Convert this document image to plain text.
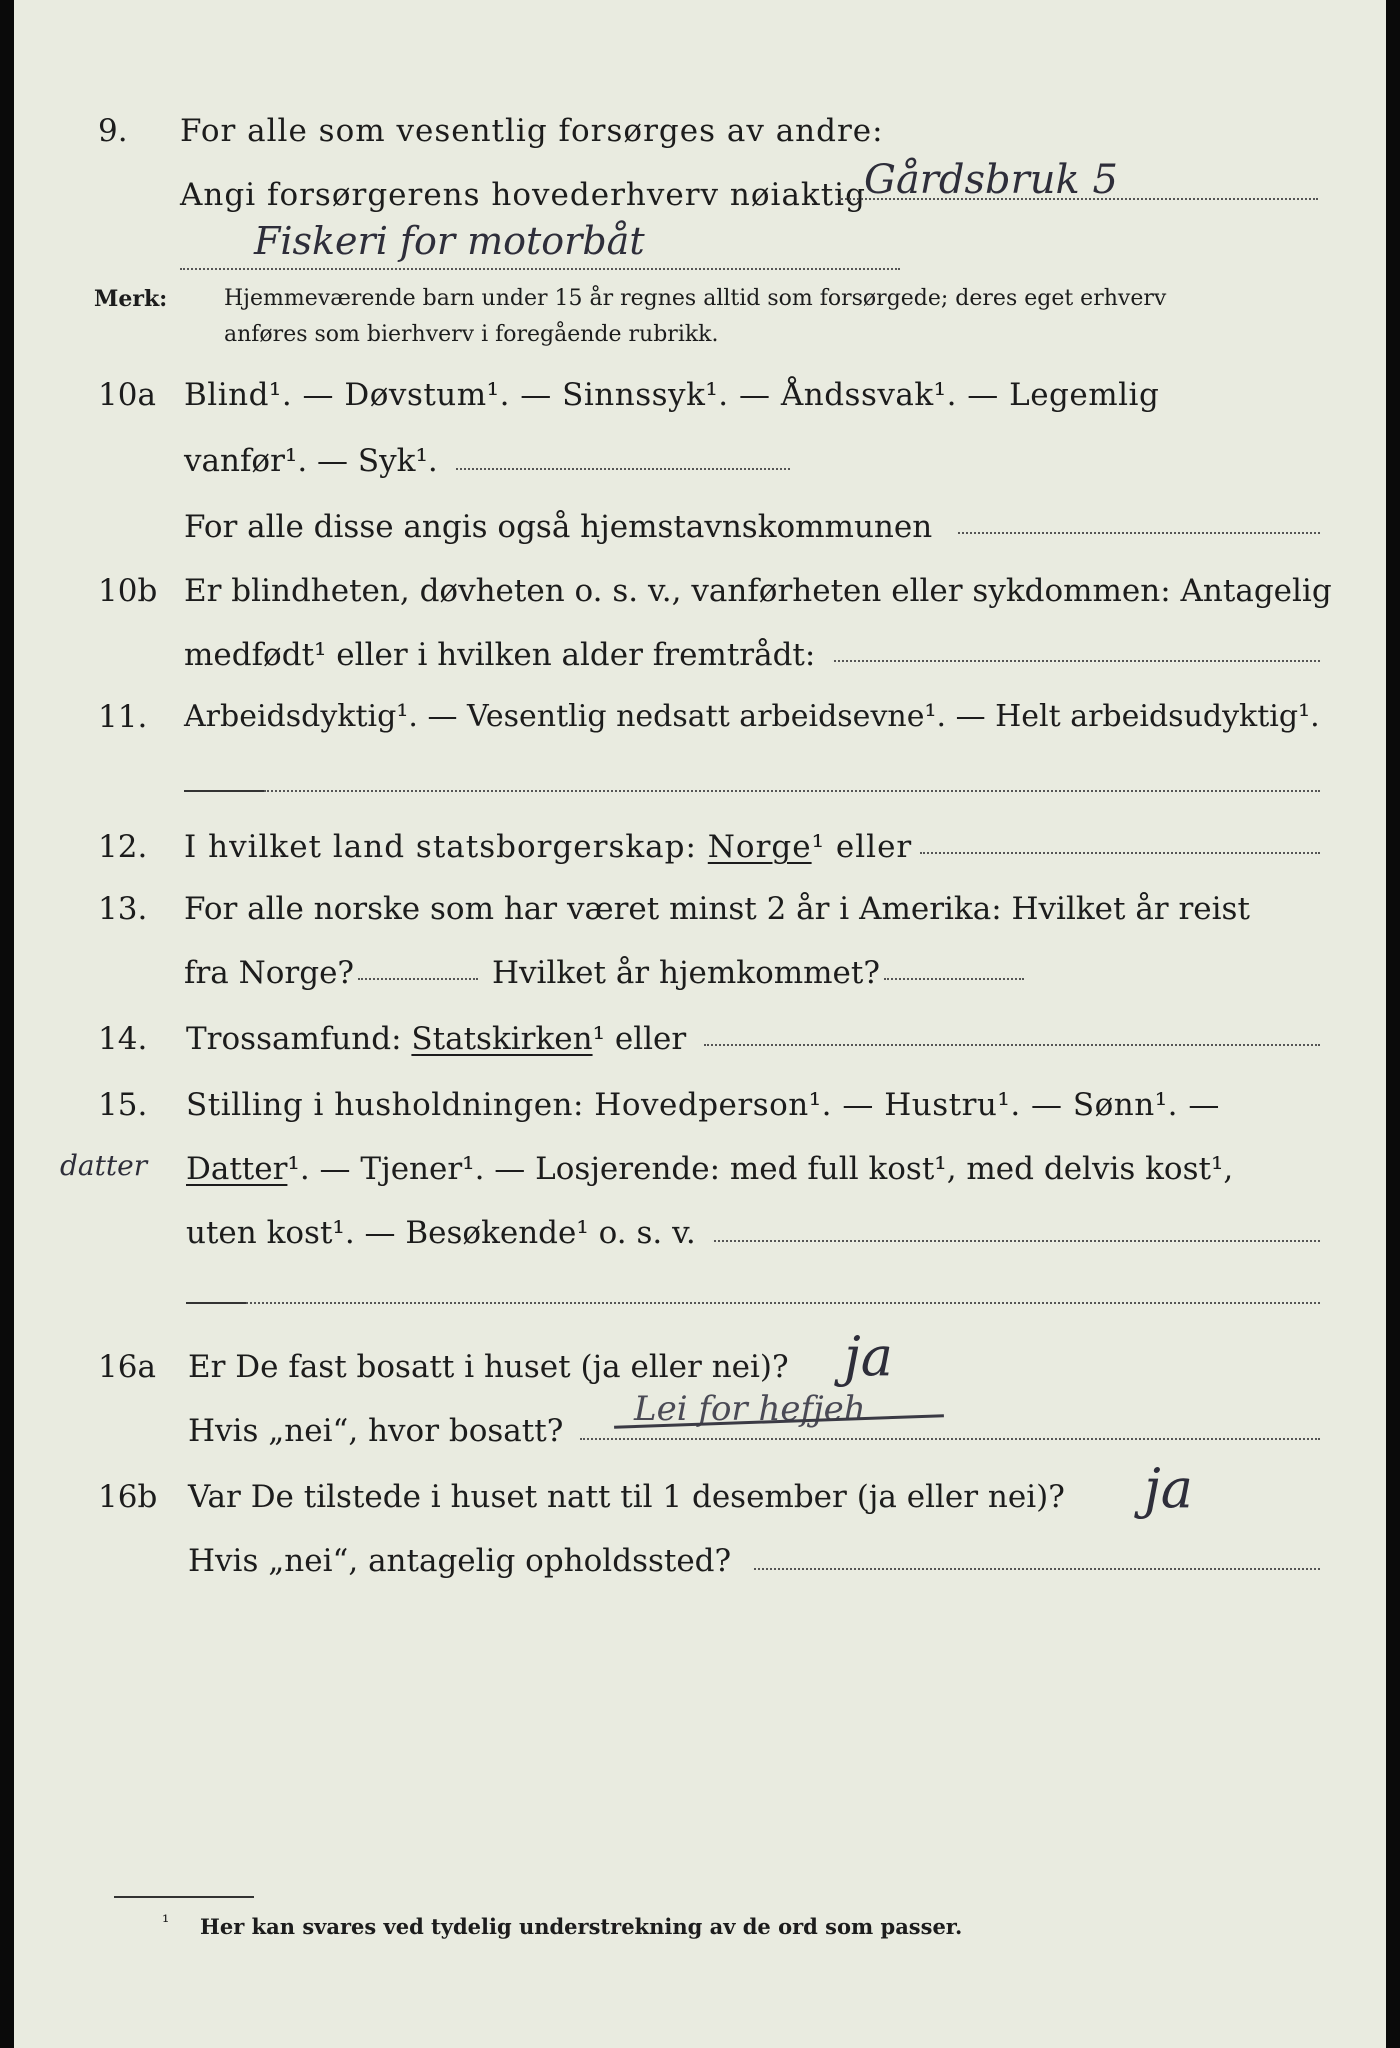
9. For alle som vesentlig forsørges av andre:
Angi forsørgerens hovederhverv nøiaktig
Gårdsbruk 5
Fiskeri for motorbåt
Merk:	Hjemmeværende barn under 15 år regnes alltid som forsørgede; deres eget erhverv
anføres som bierhverv i foregående rubrikk.
10a Blind¹. — Døvstum¹. — Sinnssyk¹. — Åndssvak¹. — Legemlig
vanfør¹. — Syk¹.
For alle disse angis også hjemstavnskommunen
10b Er blindheten, døvheten o. s. v., vanførheten eller sykdommen: Antagelig
medfødt¹ eller i hvilken alder fremtrådt:
11. Arbeidsdyktig¹. — Vesentlig nedsatt arbeidsevne¹. — Helt arbeidsudyktig¹.
12. I hvilket land statsborgerskap: Norge¹ eller
13. For alle norske som har været minst 2 år i Amerika: Hvilket år reist
fra Norge?	Hvilket år hjemkommet?
14. Trossamfund: Statskirken¹ eller
15. Stilling i husholdningen: Hovedperson¹. — Hustru¹. — Sønn¹. —
datter Datter¹. — Tjener¹. — Losjerende: med full kost¹, med delvis kost¹,
uten kost¹. — Besøkende¹ o. s. v.
16a Er De fast bosatt i huset (ja eller nei)? ja
Hvis „nei“, hvor bosatt?
Lei for hefjeh
16b Var De tilstede i huset natt til 1 desember (ja eller nei)? ja
Hvis „nei“, antagelig opholdssted?
¹ Her kan svares ved tydelig understrekning av de ord som passer.
